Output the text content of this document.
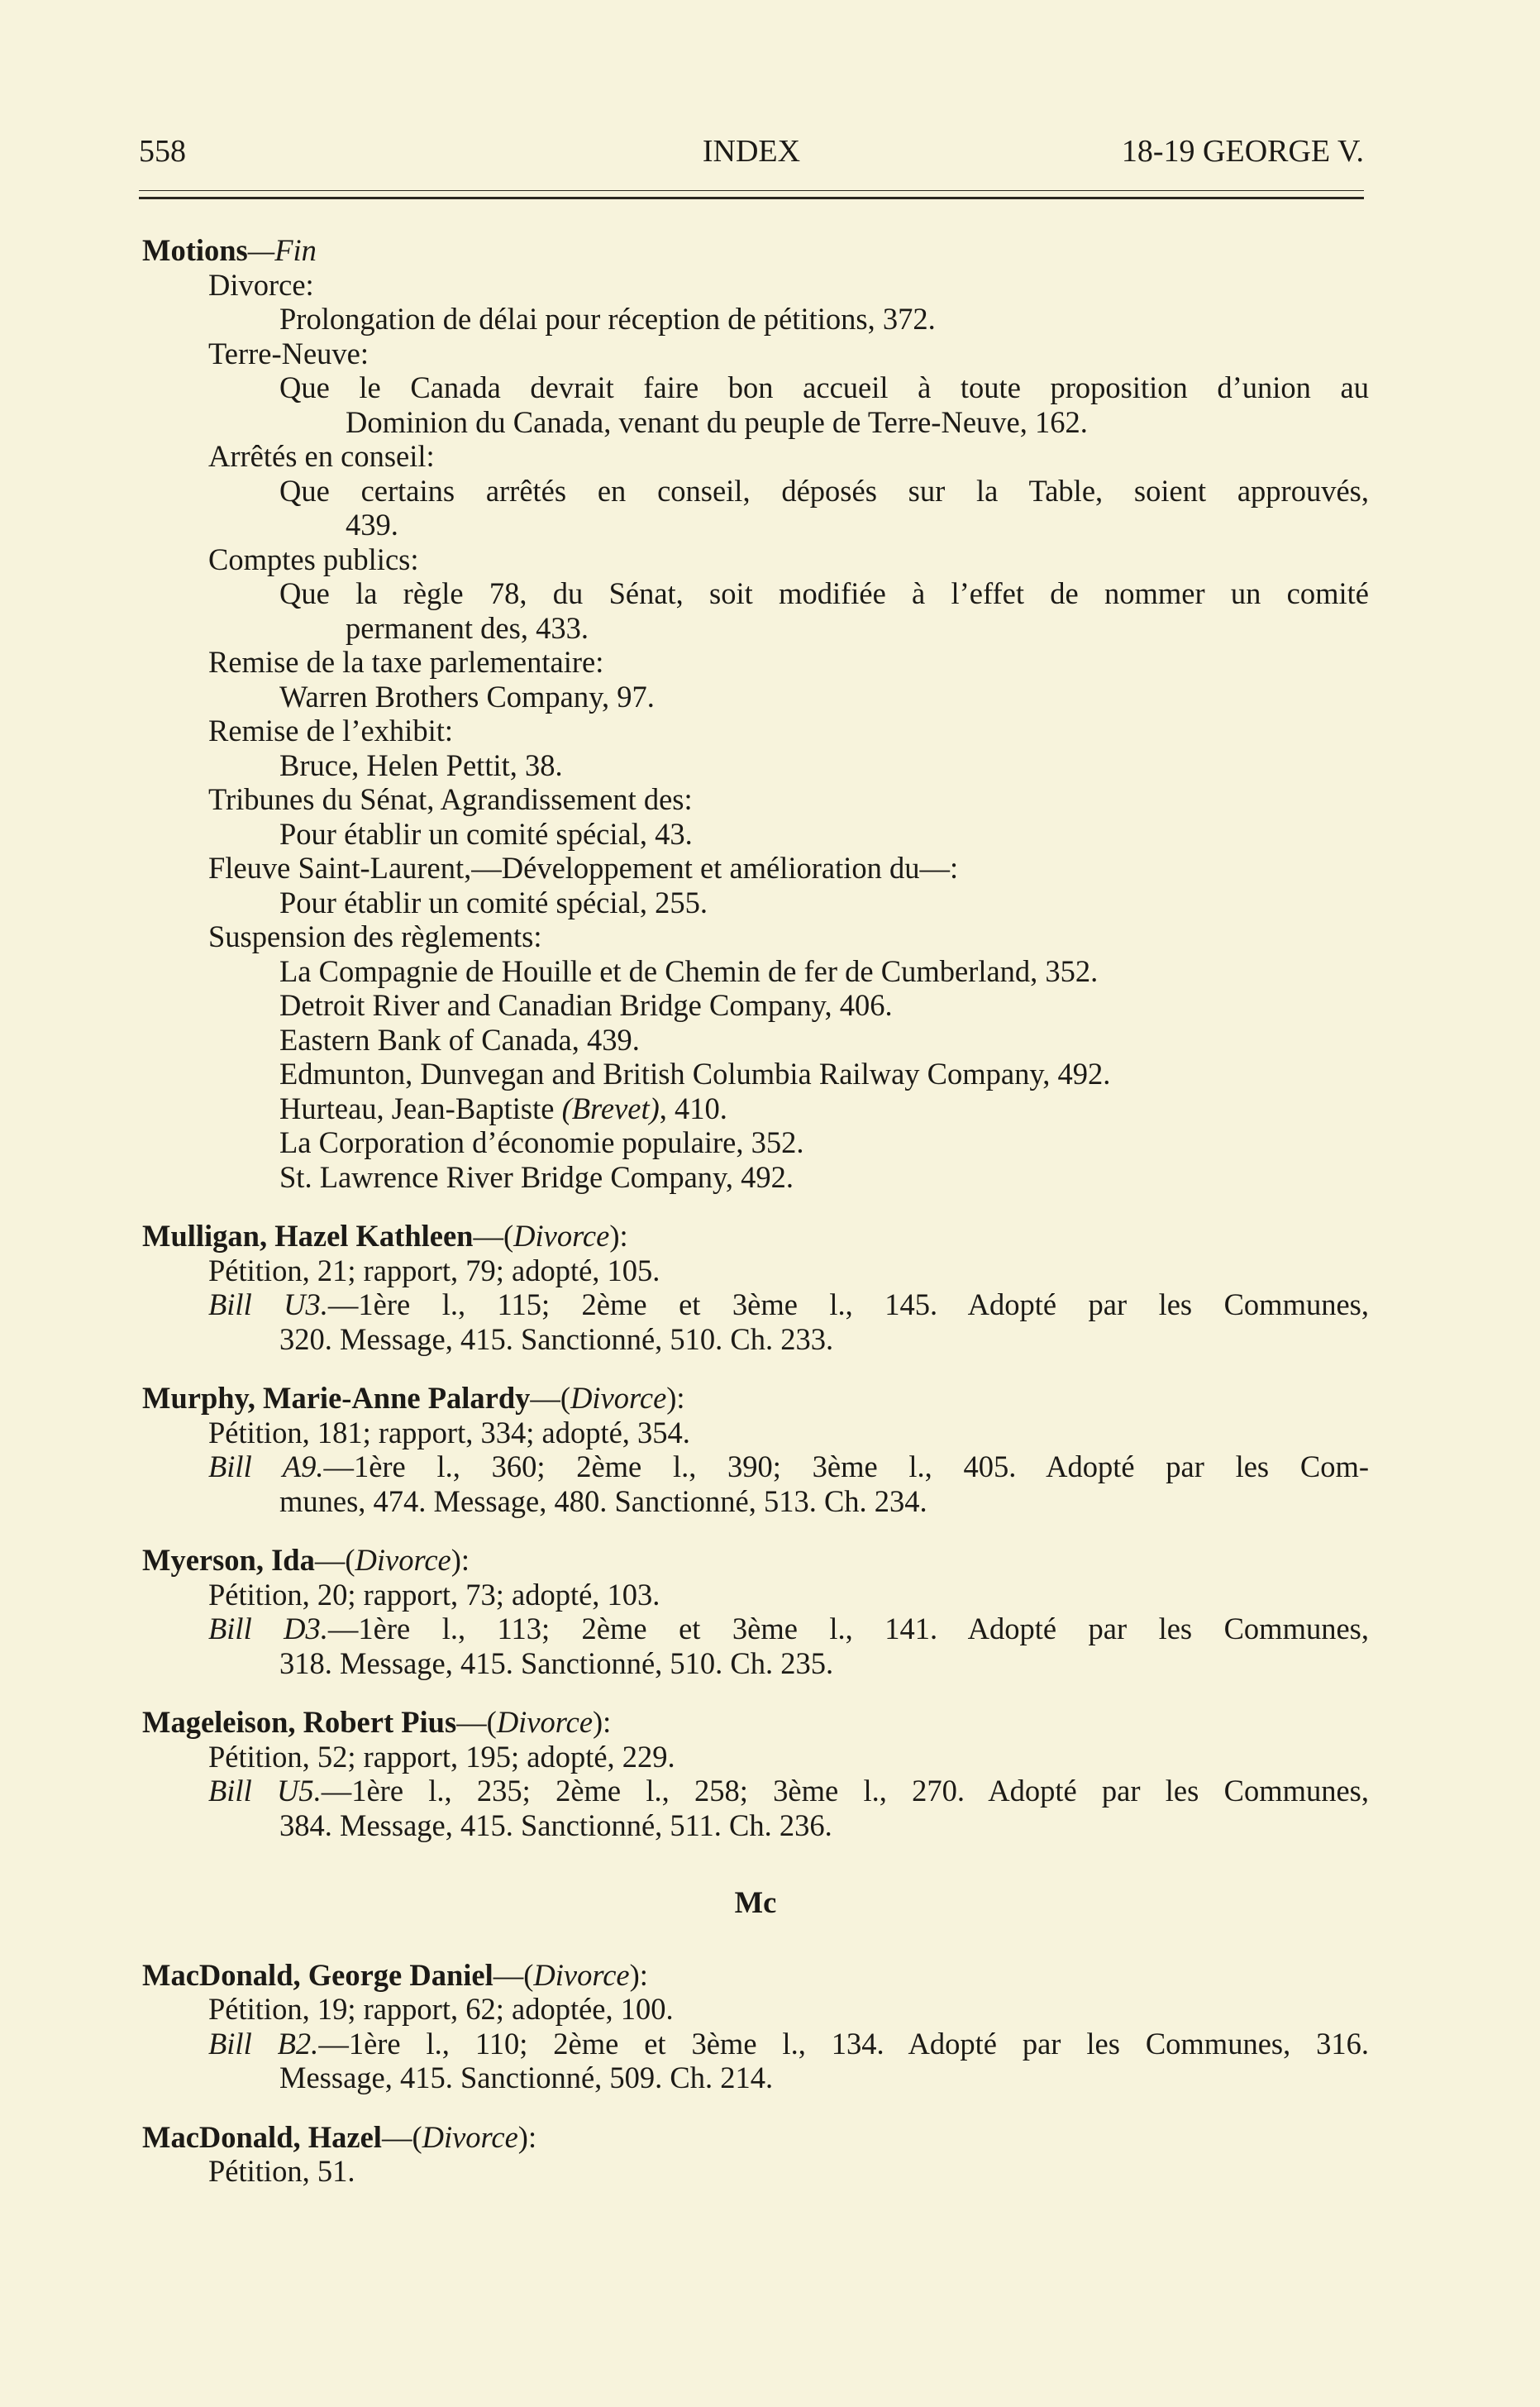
558	INDEX	18-19 GEORGE V.
Motions—Fin
Divorce:
Prolongation de délai pour réception de pétitions, 372.
Terre-Neuve:
Que le Canada devrait faire bon accueil à toute proposition d’union au
Dominion du Canada, venant du peuple de Terre-Neuve, 162.
Arrêtés en conseil:
Que certains arrêtés en conseil, déposés sur la Table, soient approuvés,
439.
Comptes publics:
Que la règle 78, du Sénat, soit modifiée à l’effet de nommer un comité
permanent des, 433.
Remise de la taxe parlementaire:
Warren Brothers Company, 97.
Remise de l’exhibit:
Bruce, Helen Pettit, 38.
Tribunes du Sénat, Agrandissement des:
Pour établir un comité spécial, 43.
Fleuve Saint-Laurent,—Développement et amélioration du—:
Pour établir un comité spécial, 255.
Suspension des règlements:
La Compagnie de Houille et de Chemin de fer de Cumberland, 352.
Detroit River and Canadian Bridge Company, 406.
Eastern Bank of Canada, 439.
Edmunton, Dunvegan and British Columbia Railway Company, 492.
Hurteau, Jean-Baptiste (Brevet), 410.
La Corporation d’économie populaire, 352.
St. Lawrence River Bridge Company, 492.
Mulligan, Hazel Kathleen—(Divorce):
Pétition, 21; rapport, 79; adopté, 105.
Bill U3.—1ère l., 115; 2ème et 3ème l., 145. Adopté par les Communes,
320. Message, 415. Sanctionné, 510. Ch. 233.
Murphy, Marie-Anne Palardy—(Divorce):
Pétition, 181; rapport, 334; adopté, 354.
Bill A9.—1ère l., 360; 2ème l., 390; 3ème l., 405. Adopté par les Com-
munes, 474. Message, 480. Sanctionné, 513. Ch. 234.
Myerson, Ida—(Divorce):
Pétition, 20; rapport, 73; adopté, 103.
Bill D3.—1ère l., 113; 2ème et 3ème l., 141. Adopté par les Communes,
318. Message, 415. Sanctionné, 510. Ch. 235.
Mageleison, Robert Pius—(Divorce):
Pétition, 52; rapport, 195; adopté, 229.
Bill U5.—1ère l., 235; 2ème l., 258; 3ème l., 270. Adopté par les Communes,
384. Message, 415. Sanctionné, 511. Ch. 236.
Mc
MacDonald, George Daniel—(Divorce):
Pétition, 19; rapport, 62; adoptée, 100.
Bill B2.—1ère l., 110; 2ème et 3ème l., 134. Adopté par les Communes, 316.
Message, 415. Sanctionné, 509. Ch. 214.
MacDonald, Hazel—(Divorce):
Pétition, 51.
